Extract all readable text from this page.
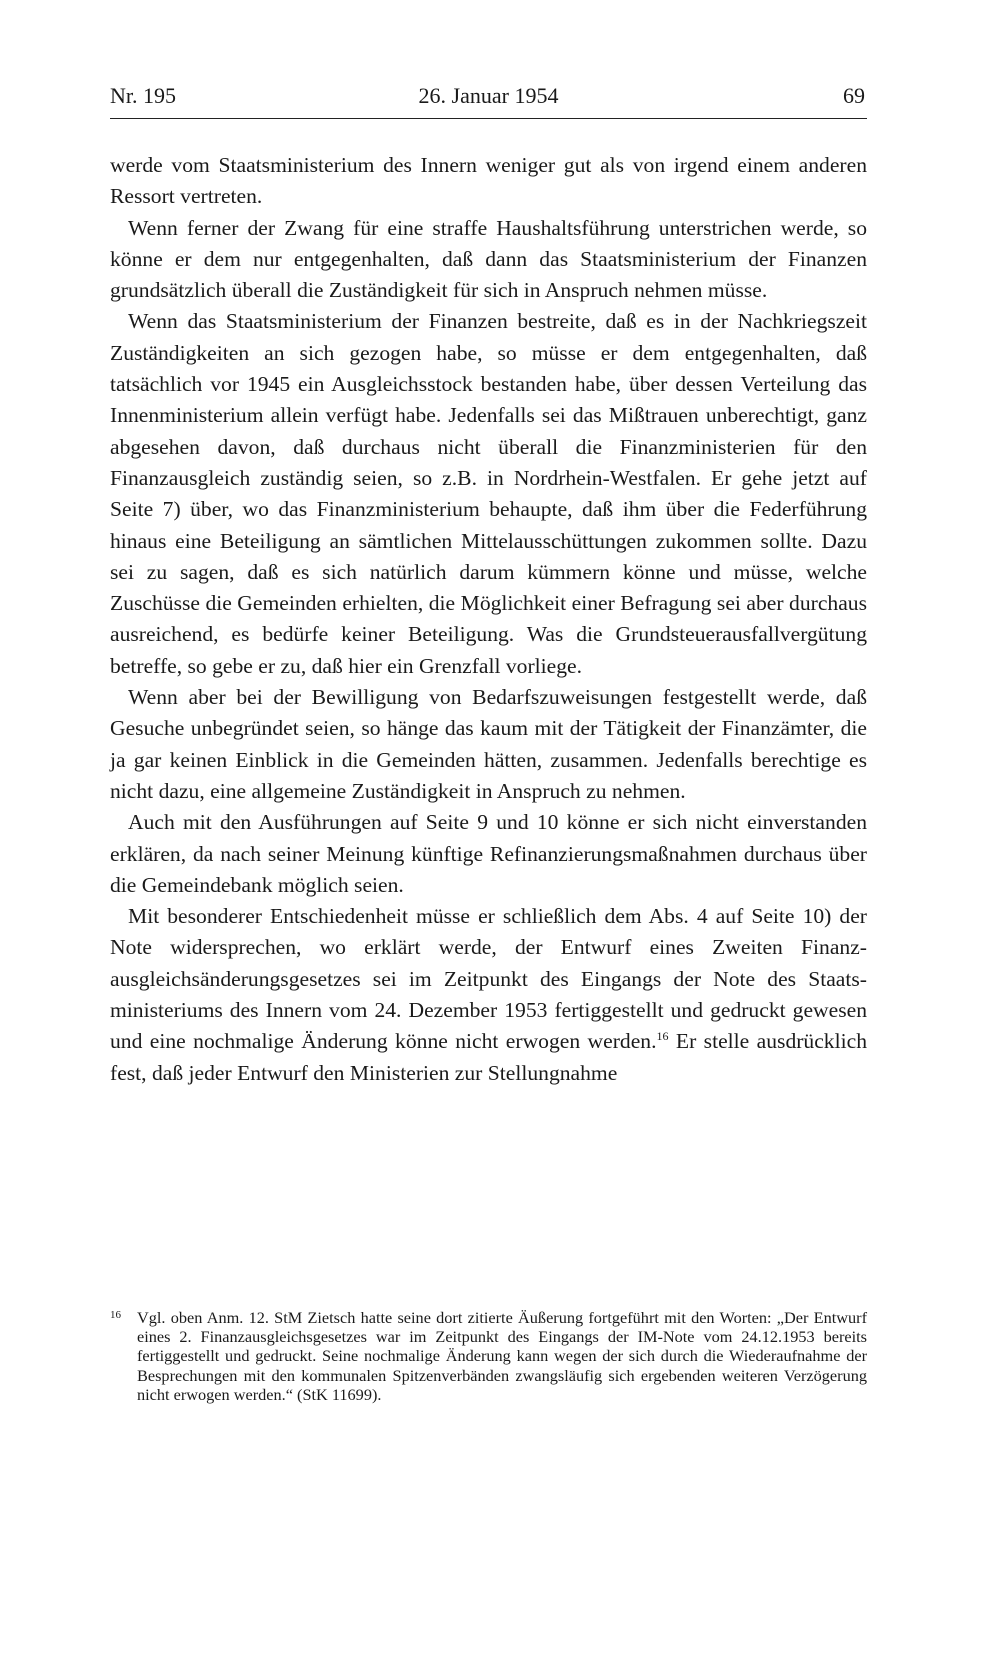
Nr. 195	26. Januar 1954	69

werde vom Staatsministerium des Innern weniger gut als von irgend einem anderen Ressort vertreten.

Wenn ferner der Zwang für eine straffe Haushaltsführung unterstrichen werde, so könne er dem nur entgegenhalten, daß dann das Staatsministerium der Finanzen grundsätzlich überall die Zuständigkeit für sich in Anspruch nehmen müsse.

Wenn das Staatsministerium der Finanzen bestreite, daß es in der Nachkriegszeit Zuständigkeiten an sich gezogen habe, so müsse er dem entgegenhalten, daß tatsächlich vor 1945 ein Ausgleichsstock bestanden habe, über dessen Verteilung das Innenministerium allein verfügt habe. Jedenfalls sei das Mißtrauen unberechtigt, ganz abgesehen davon, daß durchaus nicht überall die Finanzministerien für den Finanzausgleich zuständig seien, so z.B. in Nordrhein-Westfalen. Er gehe jetzt auf Seite 7) über, wo das Finanzministerium behaupte, daß ihm über die Federführung hinaus eine Beteiligung an sämtlichen Mittelausschüttungen zukommen sollte. Dazu sei zu sagen, daß es sich natürlich darum kümmern könne und müsse, welche Zuschüsse die Gemeinden erhielten, die Möglichkeit einer Befragung sei aber durchaus ausreichend, es bedürfe keiner Beteiligung. Was die Grundsteuerausfallvergütung betreffe, so gebe er zu, daß hier ein Grenzfall vorliege.

Wenn aber bei der Bewilligung von Bedarfszuweisungen festgestellt werde, daß Gesuche unbegründet seien, so hänge das kaum mit der Tätigkeit der Finanzämter, die ja gar keinen Einblick in die Gemeinden hätten, zusammen. Jedenfalls berechtige es nicht dazu, eine allgemeine Zuständigkeit in Anspruch zu nehmen.

Auch mit den Ausführungen auf Seite 9 und 10 könne er sich nicht einverstanden erklären, da nach seiner Meinung künftige Refinanzierungsmaßnahmen durchaus über die Gemeindebank möglich seien.

Mit besonderer Entschiedenheit müsse er schließlich dem Abs. 4 auf Seite 10) der Note widersprechen, wo erklärt werde, der Entwurf eines Zweiten Finanzausgleichsänderungsgesetzes sei im Zeitpunkt des Eingangs der Note des Staatsministeriums des Innern vom 24. Dezember 1953 fertiggestellt und gedruckt gewesen und eine nochmalige Änderung könne nicht erwogen werden.$^{16}$ Er stelle ausdrücklich fest, daß jeder Entwurf den Ministerien zur Stellungnahme

16 Vgl. oben Anm. 12. StM Zietsch hatte seine dort zitierte Äußerung fortgeführt mit den Worten: „Der Entwurf eines 2. Finanzausgleichsgesetzes war im Zeitpunkt des Eingangs der IM-Note vom 24.12.1953 bereits fertiggestellt und gedruckt. Seine nochmalige Änderung kann wegen der sich durch die Wiederaufnahme der Besprechungen mit den kommunalen Spitzenverbänden zwangsläufig sich ergebenden weiteren Verzögerung nicht erwogen werden.“ (StK 11699).
